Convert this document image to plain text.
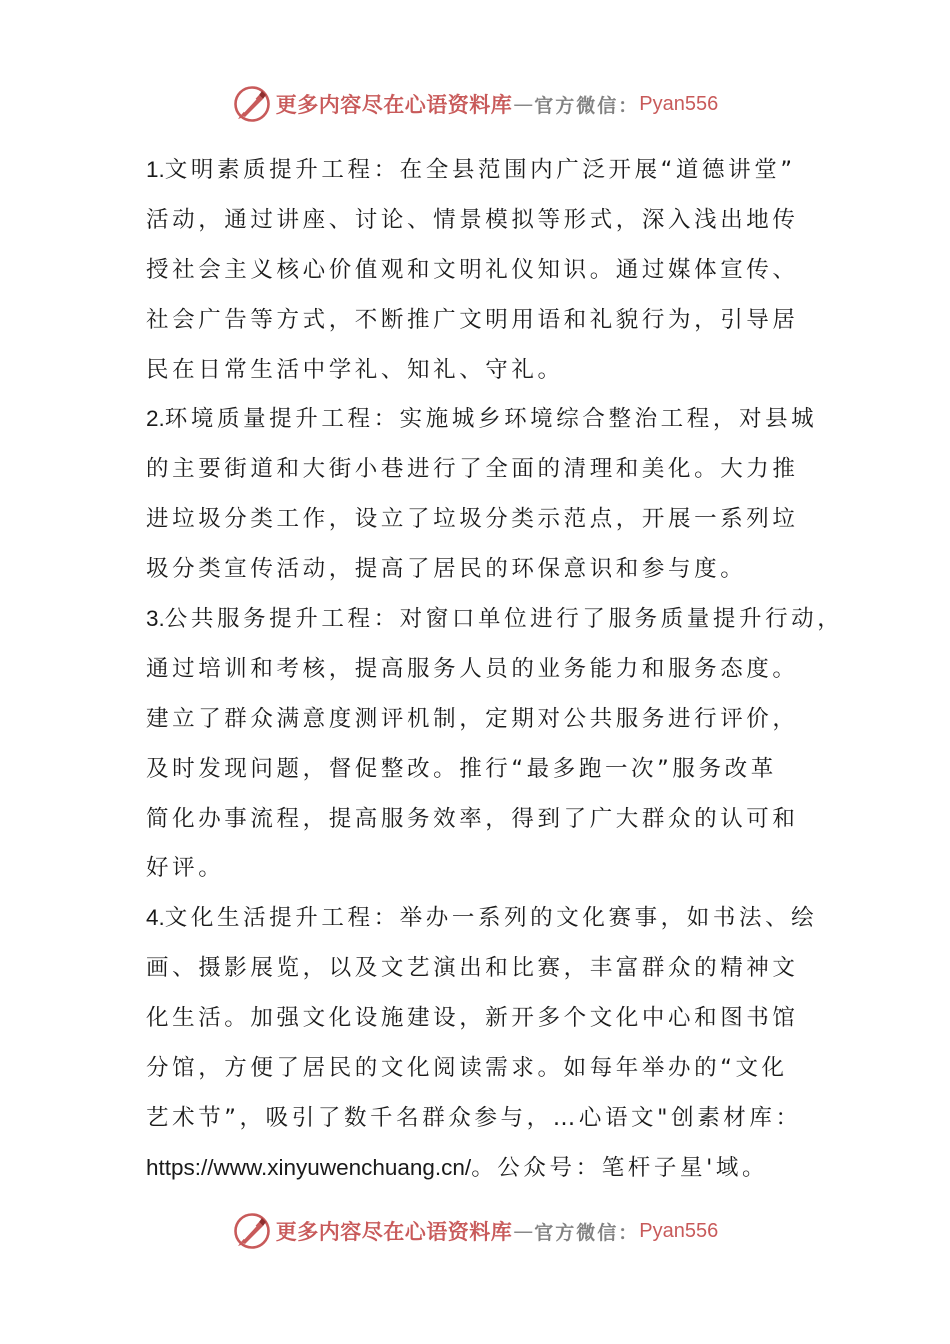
更多内容尽在心语资料库 — 官方微信： Pyan556
1.文明素质提升工程：在全县范围内广泛开展“道德讲堂”
活动，通过讲座、讨论、情景模拟等形式，深入浅出地传
授社会主义核心价值观和文明礼仪知识。通过媒体宣传、
社会广告等方式，不断推广文明用语和礼貌行为，引导居
民在日常生活中学礼、知礼、守礼。
2.环境质量提升工程：实施城乡环境综合整治工程，对县城
的主要街道和大街小巷进行了全面的清理和美化。大力推
进垃圾分类工作，设立了垃圾分类示范点，开展一系列垃
圾分类宣传活动，提高了居民的环保意识和参与度。
3.公共服务提升工程：对窗口单位进行了服务质量提升行动，
通过培训和考核，提高服务人员的业务能力和服务态度。
建立了群众满意度测评机制，定期对公共服务进行评价，
及时发现问题，督促整改。推行“最多跑一次”服务改革
简化办事流程，提高服务效率，得到了广大群众的认可和
好评。
4.文化生活提升工程：举办一系列的文化赛事，如书法、绘
画、摄影展览，以及文艺演出和比赛，丰富群众的精神文
化生活。加强文化设施建设，新开多个文化中心和图书馆
分馆，方便了居民的文化阅读需求。如每年举办的“文化
艺术节”，吸引了数千名群众参与，…心语文"创素材库：
https://www.xinyuwenchuang.cn/。公众号：笔杆子星'域。
更多内容尽在心语资料库 — 官方微信： Pyan556
